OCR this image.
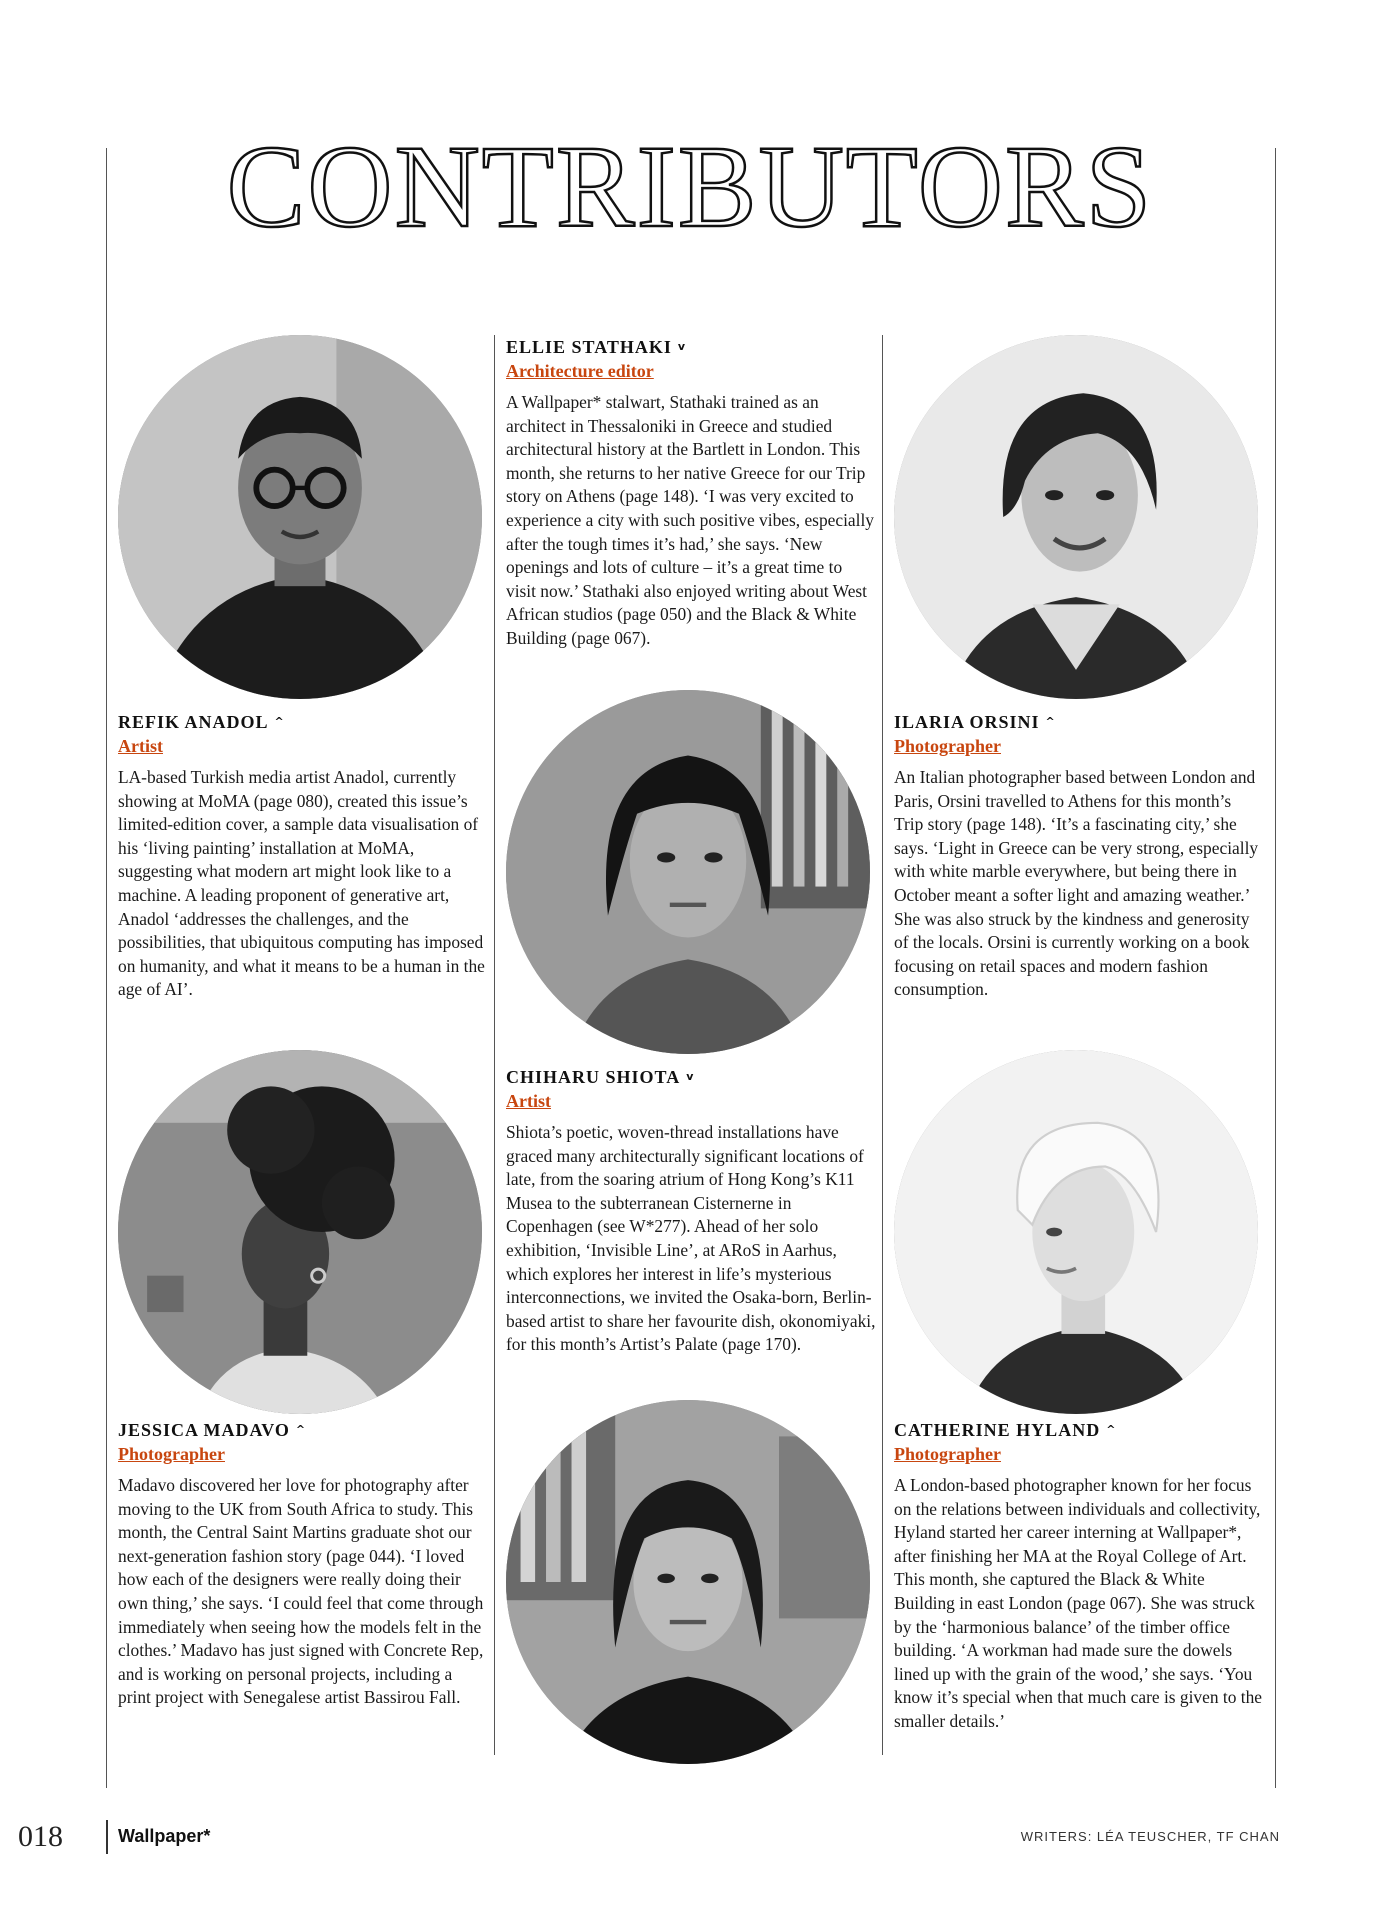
CONTRIBUTORS
REFIK ANADOL ^
Artist

LA-based Turkish media artist Anadol, currently showing at MoMA (page 080), created this issue’s limited-edition cover, a sample data visualisation of his ‘living painting’ installation at MoMA, suggesting what modern art might look like to a machine. A leading proponent of generative art, Anadol ‘addresses the challenges, and the possibilities, that ubiquitous computing has imposed on humanity, and what it means to be a human in the age of AI’.

ELLIE STATHAKI v
Architecture editor

A Wallpaper* stalwart, Stathaki trained as an architect in Thessaloniki in Greece and studied architectural history at the Bartlett in London. This month, she returns to her native Greece for our Trip story on Athens (page 148). ‘I was very excited to experience a city with such positive vibes, especially after the tough times it’s had,’ she says. ‘New openings and lots of culture – it’s a great time to visit now.’ Stathaki also enjoyed writing about West African studios (page 050) and the Black & White Building (page 067).

ILARIA ORSINI ^
Photographer

An Italian photographer based between London and Paris, Orsini travelled to Athens for this month’s Trip story (page 148). ‘It’s a fascinating city,’ she says. ‘Light in Greece can be very strong, especially with white marble everywhere, but being there in October meant a softer light and amazing weather.’ She was also struck by the kindness and generosity of the locals. Orsini is currently working on a book focusing on retail spaces and modern fashion consumption.

CHIHARU SHIOTA v
Artist

Shiota’s poetic, woven-thread installations have graced many architecturally significant locations of late, from the soaring atrium of Hong Kong’s K11 Musea to the subterranean Cisternerne in Copenhagen (see W*277). Ahead of her solo exhibition, ‘Invisible Line’, at ARoS in Aarhus, which explores her interest in life’s mysterious interconnections, we invited the Osaka-born, Berlin-based artist to share her favourite dish, okonomiyaki, for this month’s Artist’s Palate (page 170).

JESSICA MADAVO ^
Photographer

Madavo discovered her love for photography after moving to the UK from South Africa to study. This month, the Central Saint Martins graduate shot our next-generation fashion story (page 044). ‘I loved how each of the designers were really doing their own thing,’ she says. ‘I could feel that come through immediately when seeing how the models felt in the clothes.’ Madavo has just signed with Concrete Rep, and is working on personal projects, including a print project with Senegalese artist Bassirou Fall.

CATHERINE HYLAND ^
Photographer

A London-based photographer known for her focus on the relations between individuals and collectivity, Hyland started her career interning at Wallpaper*, after finishing her MA at the Royal College of Art. This month, she captured the Black & White Building in east London (page 067). She was struck by the ‘harmonious balance’ of the timber office building. ‘A workman had made sure the dowels lined up with the grain of the wood,’ she says. ‘You know it’s special when that much care is given to the smaller details.’

018	Wallpaper*	WRITERS: LÉA TEUSCHER, TF CHAN
